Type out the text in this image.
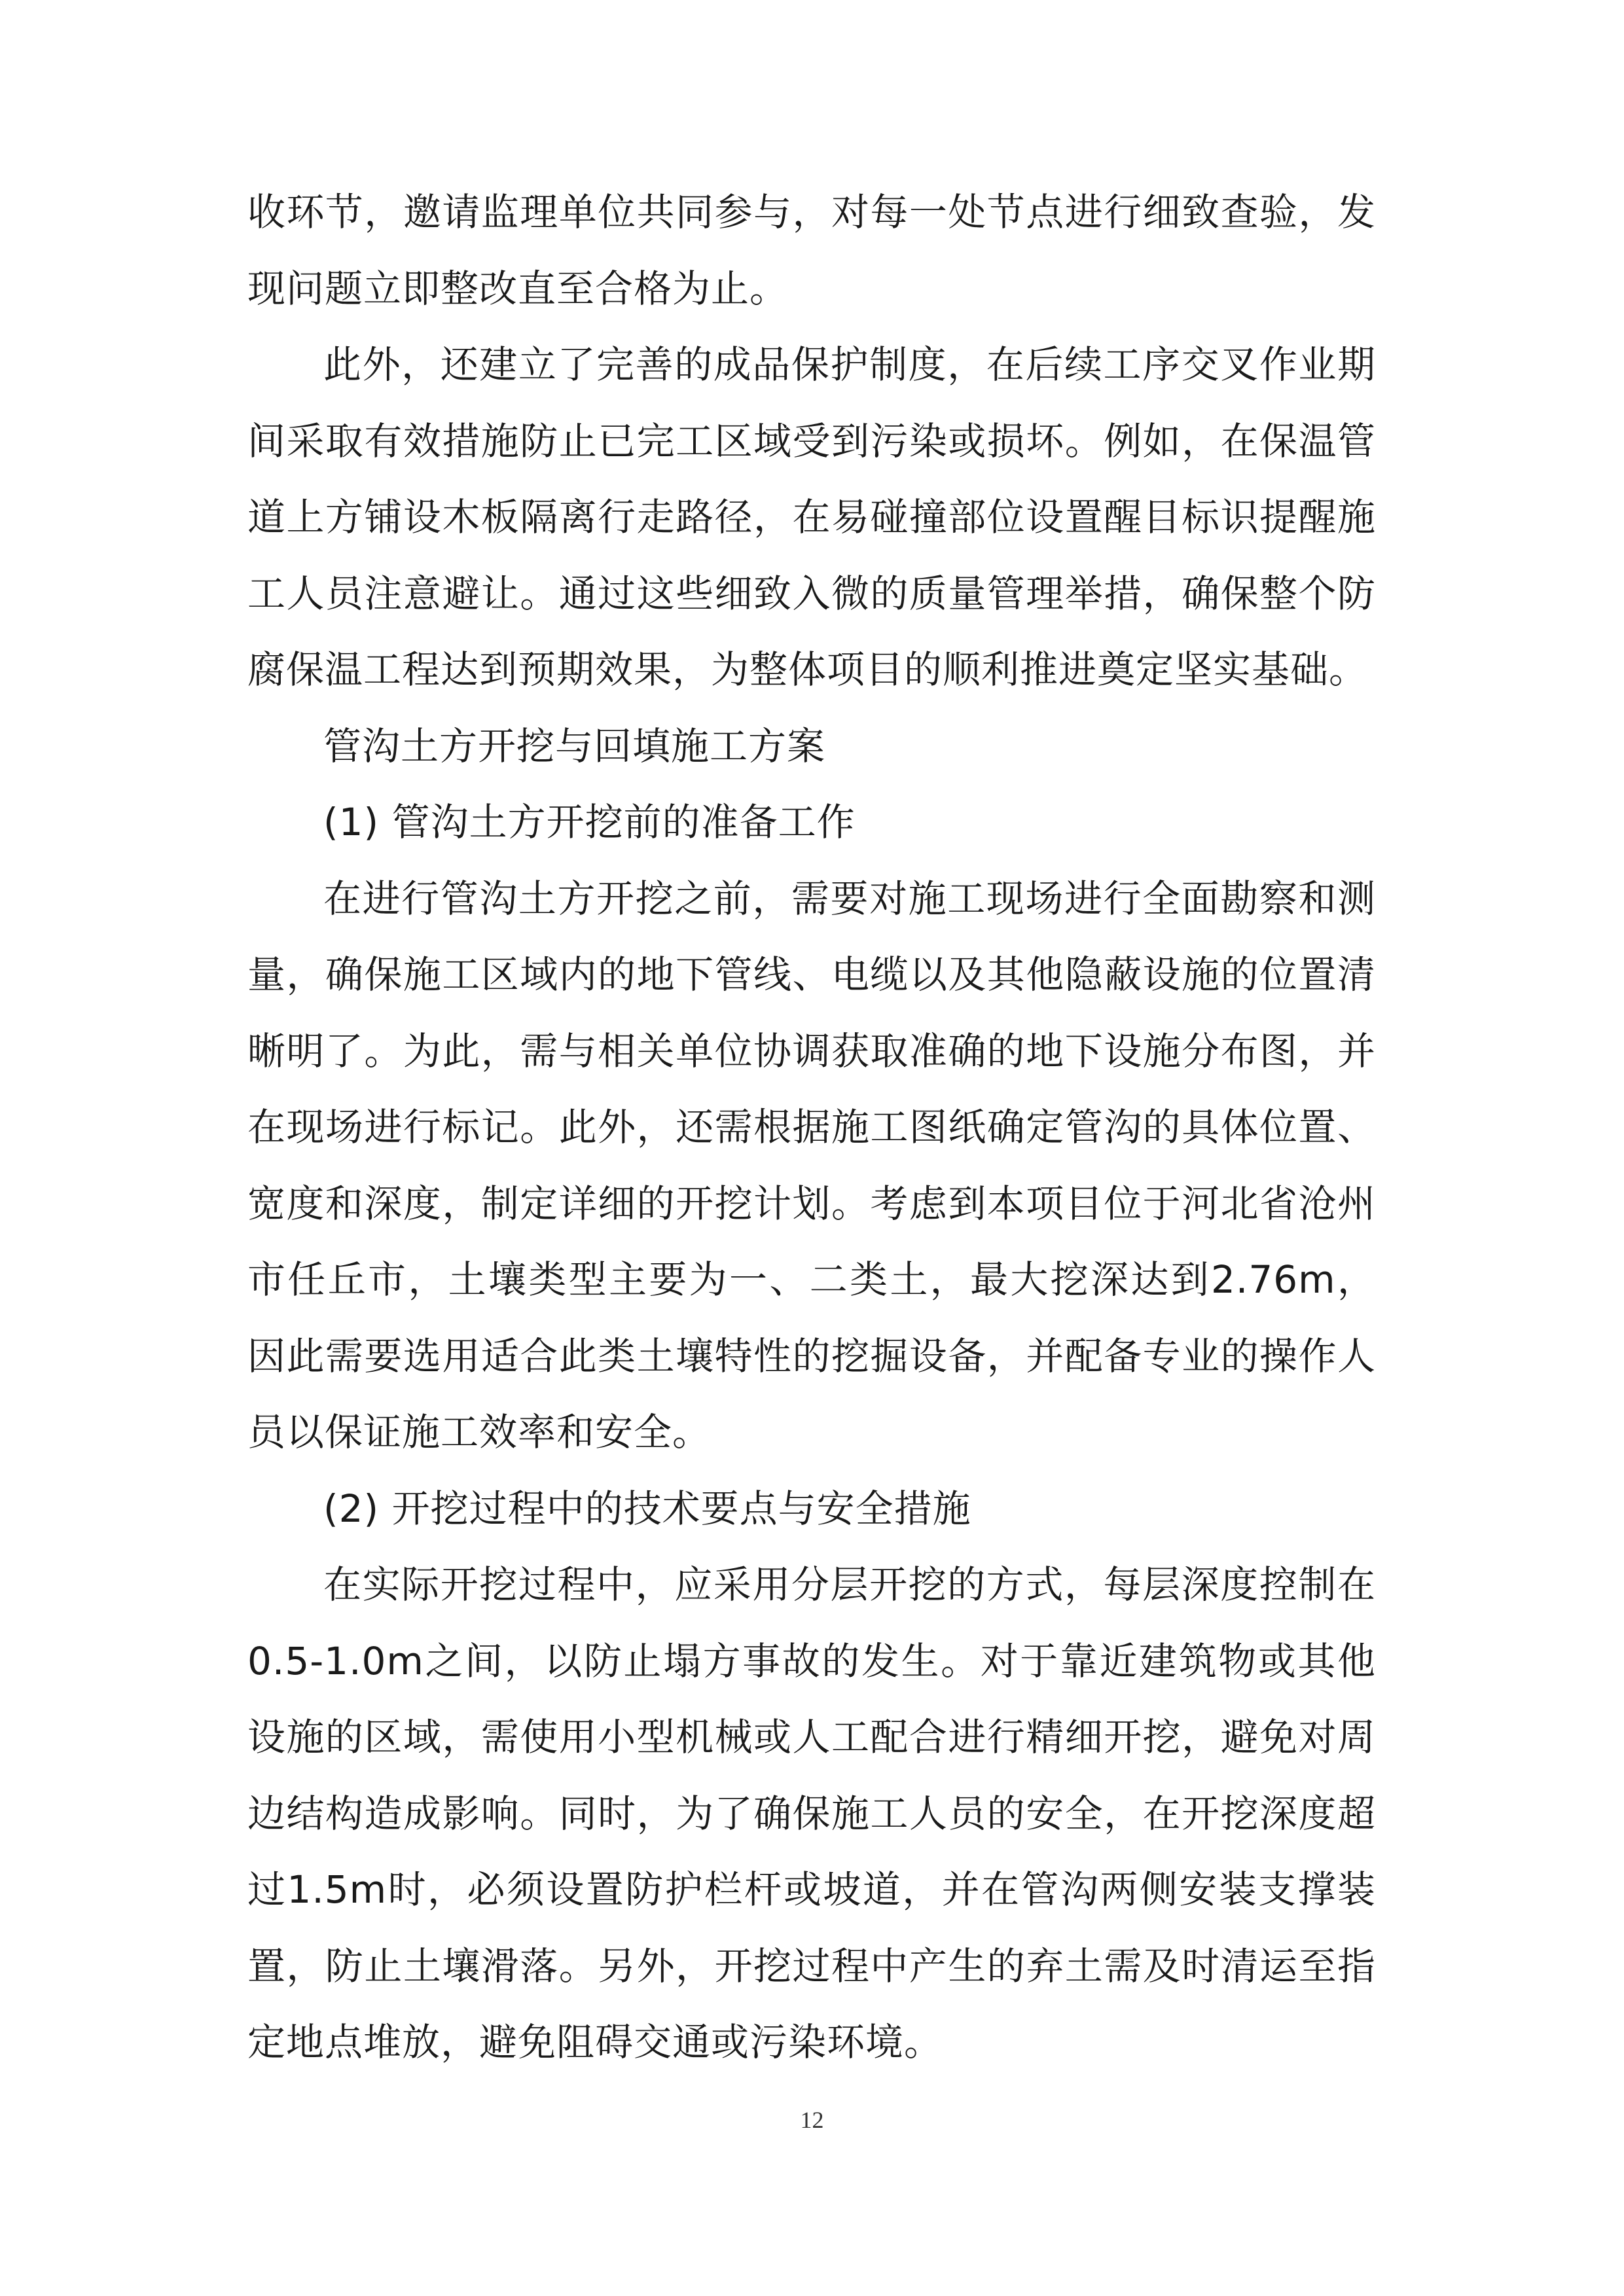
收环节，邀请监理单位共同参与，对每一处节点进行细致查验，发现问题立即整改直至合格为止。

此外，还建立了完善的成品保护制度，在后续工序交叉作业期间采取有效措施防止已完工区域受到污染或损坏。例如，在保温管道上方铺设木板隔离行走路径，在易碰撞部位设置醒目标识提醒施工人员注意避让。通过这些细致入微的质量管理举措，确保整个防腐保温工程达到预期效果，为整体项目的顺利推进奠定坚实基础。

管沟土方开挖与回填施工方案

(1) 管沟土方开挖前的准备工作

在进行管沟土方开挖之前，需要对施工现场进行全面勘察和测量，确保施工区域内的地下管线、电缆以及其他隐蔽设施的位置清晰明了。为此，需与相关单位协调获取准确的地下设施分布图，并在现场进行标记。此外，还需根据施工图纸确定管沟的具体位置、宽度和深度，制定详细的开挖计划。考虑到本项目位于河北省沧州市任丘市，土壤类型主要为一、二类土，最大挖深达到2.76m，因此需要选用适合此类土壤特性的挖掘设备，并配备专业的操作人员以保证施工效率和安全。

(2) 开挖过程中的技术要点与安全措施

在实际开挖过程中，应采用分层开挖的方式，每层深度控制在0.5-1.0m之间，以防止塌方事故的发生。对于靠近建筑物或其他设施的区域，需使用小型机械或人工配合进行精细开挖，避免对周边结构造成影响。同时，为了确保施工人员的安全，在开挖深度超过1.5m时，必须设置防护栏杆或坡道，并在管沟两侧安装支撑装置，防止土壤滑落。另外，开挖过程中产生的弃土需及时清运至指定地点堆放，避免阻碍交通或污染环境。

12
